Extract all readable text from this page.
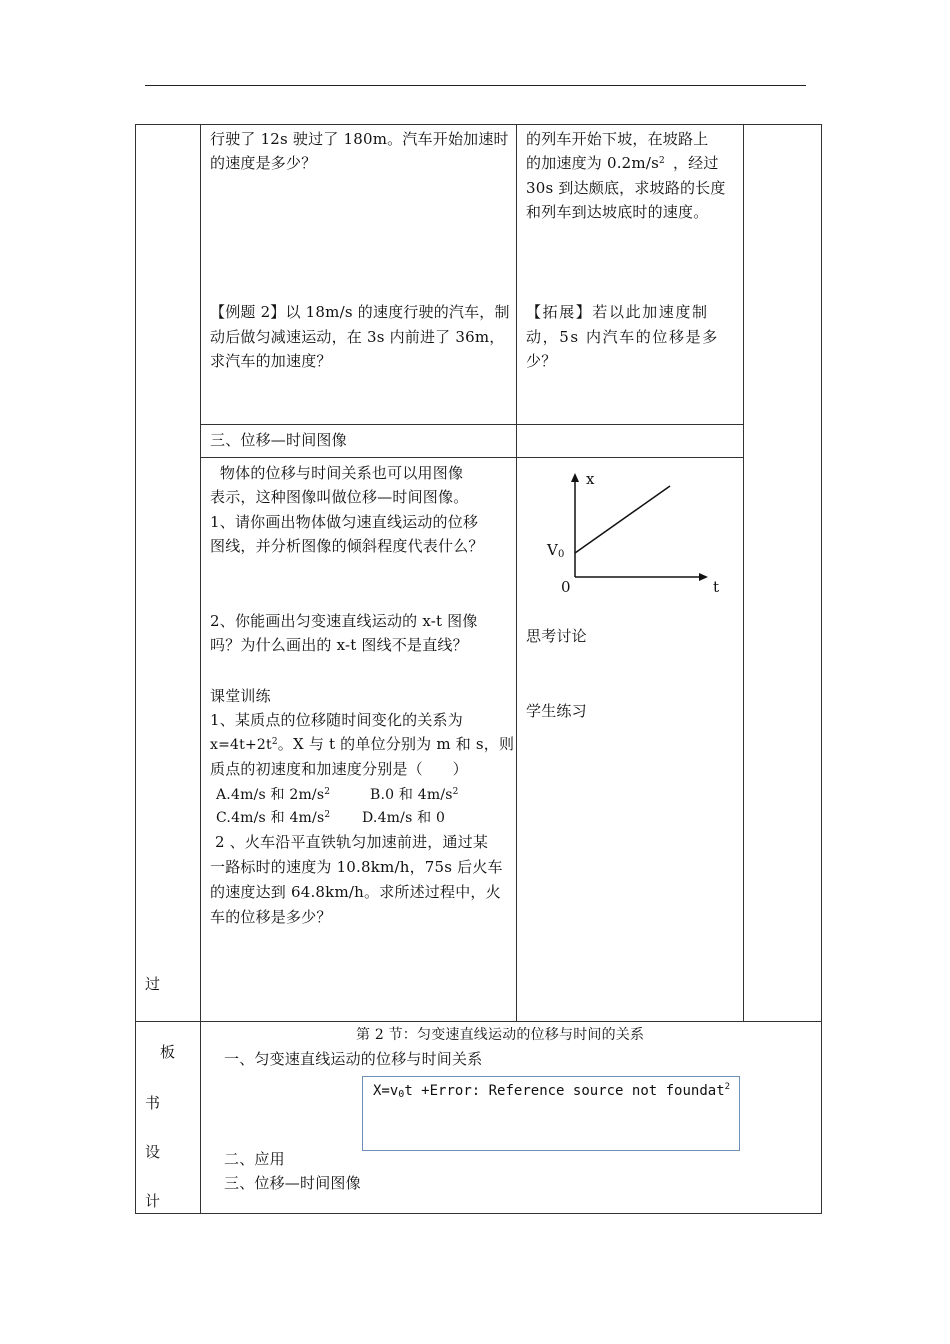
行驶了 12s 驶过了 180m。汽车开始加速时
的速度是多少？
的列车开始下坡，在坡路上
的加速度为 $0.2m/s^2$ ，经过
30s 到达颇底，求坡路的长度
和列车到达坡底时的速度。
【例题 2】以 18m/s 的速度行驶的汽车，制
动后做匀减速运动，在 3s 内前进了 36m，
求汽车的加速度？
【拓展】若以此加速度制
动，5s 内汽车的位移是多
少？
三、位移—时间图像
物体的位移与时间关系也可以用图像
表示，这种图像叫做位移—时间图像。
1、请你画出物体做匀速直线运动的位移
图线，并分析图像的倾斜程度代表什么？
2、你能画出匀变速直线运动的 x-t 图像
吗？为什么画出的 x-t 图线不是直线？
课堂训练
1、某质点的位移随时间变化的关系为
$x=4t+2t^2$。X 与 t 的单位分别为 m 和 s，则
质点的初速度和加速度分别是（      ）
A.4m/s 和 $2m/s^2$	B.0 和 $4m/s^2$
C.4m/s 和 $4m/s^2$ D.4m/s 和 0
2 、火车沿平直铁轨匀加速前进，通过某
一路标时的速度为 10.8km/h，75s 后火车
的速度达到 64.8km/h。求所述过程中，火
车的位移是多少？
x
t
0
$V_0$
思考讨论
学生练习
过
板
书
设
计
第 2 节：匀变速直线运动的位移与时间的关系
一、匀变速直线运动的位移与时间关系
$X=v_0t$ +Error: Reference source not foundat$^2$
二、应用
三、位移—时间图像
